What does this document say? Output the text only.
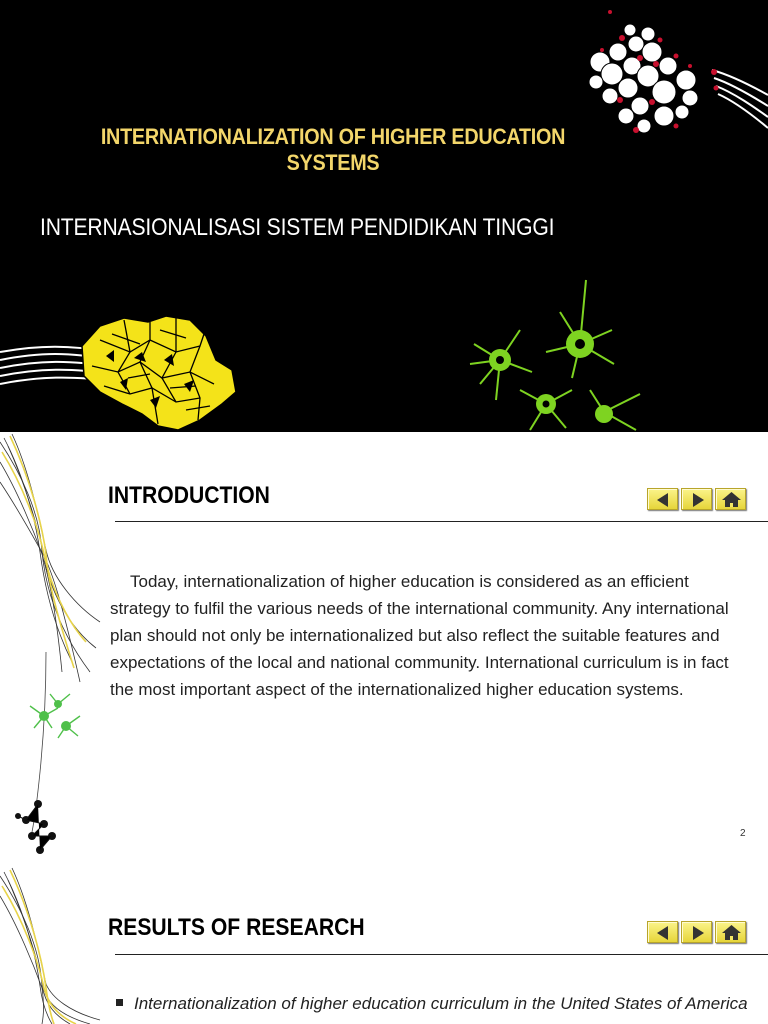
INTERNATIONALIZATION OF HIGHER EDUCATION
SYSTEMS
INTERNASIONALISASI SISTEM PENDIDIKAN TINGGI
INTRODUCTION
Today, internationalization of higher education is considered as an efficient strategy to fulfil the various needs of the international community. Any international plan should not only be internationalized but also reflect the suitable features and expectations of the local and national community. International curriculum is in fact the most important aspect of the internationalized higher education systems.
2
RESULTS OF RESEARCH
Internationalization of higher education curriculum in the United States of America
